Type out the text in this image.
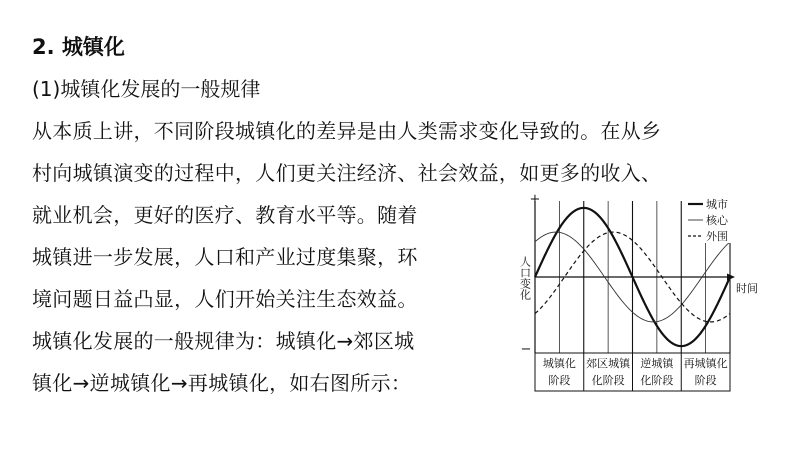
2. 城镇化
(1)城镇化发展的一般规律
从本质上讲，不同阶段城镇化的差异是由人类需求变化导致的。在从乡
村向城镇演变的过程中，人们更关注经济、社会效益，如更多的收入、
就业机会，更好的医疗、教育水平等。随着
城镇进一步发展，人口和产业过度集聚，环
境问题日益凸显，人们开始关注生态效益。
城镇化发展的一般规律为：城镇化→郊区城
镇化→逆城镇化→再城镇化，如右图所示：
+
−
人口变化	时间
城市
核心
外围
城镇化
阶段
郊区城镇
化阶段
逆城镇
化阶段
再城镇化
阶段
